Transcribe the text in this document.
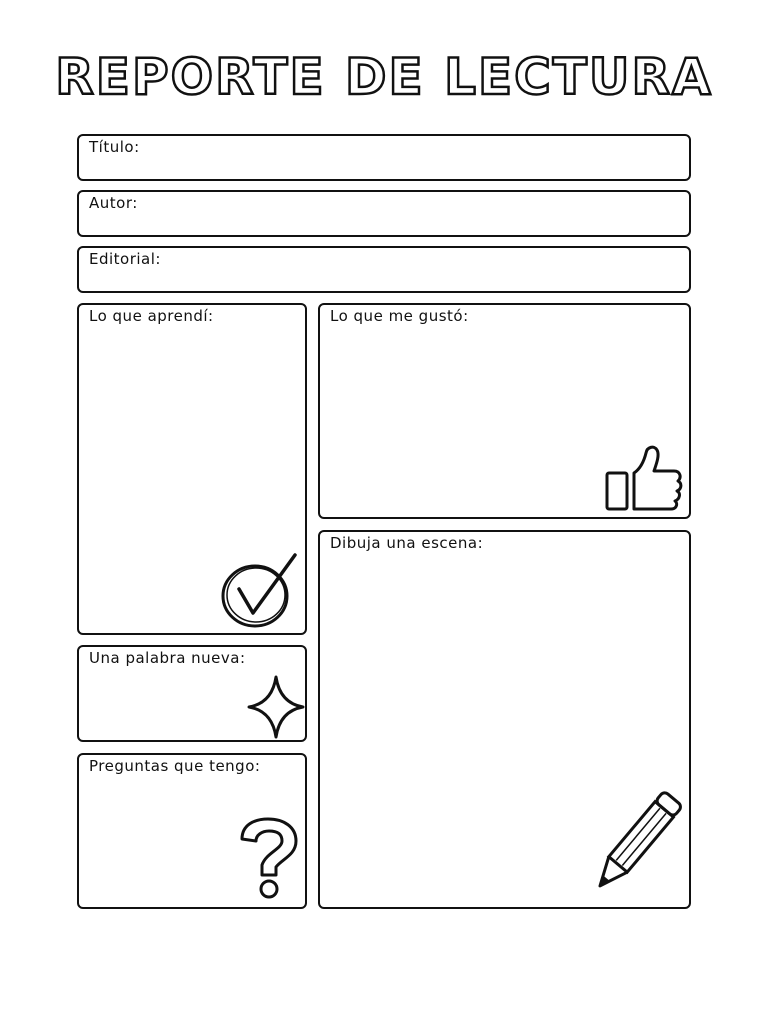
REPORTE DE LECTURA
Título:
Autor:
Editorial:
Lo que aprendí:	Lo que me gustó:
Dibuja una escena:
Una palabra nueva:
Preguntas que tengo:
